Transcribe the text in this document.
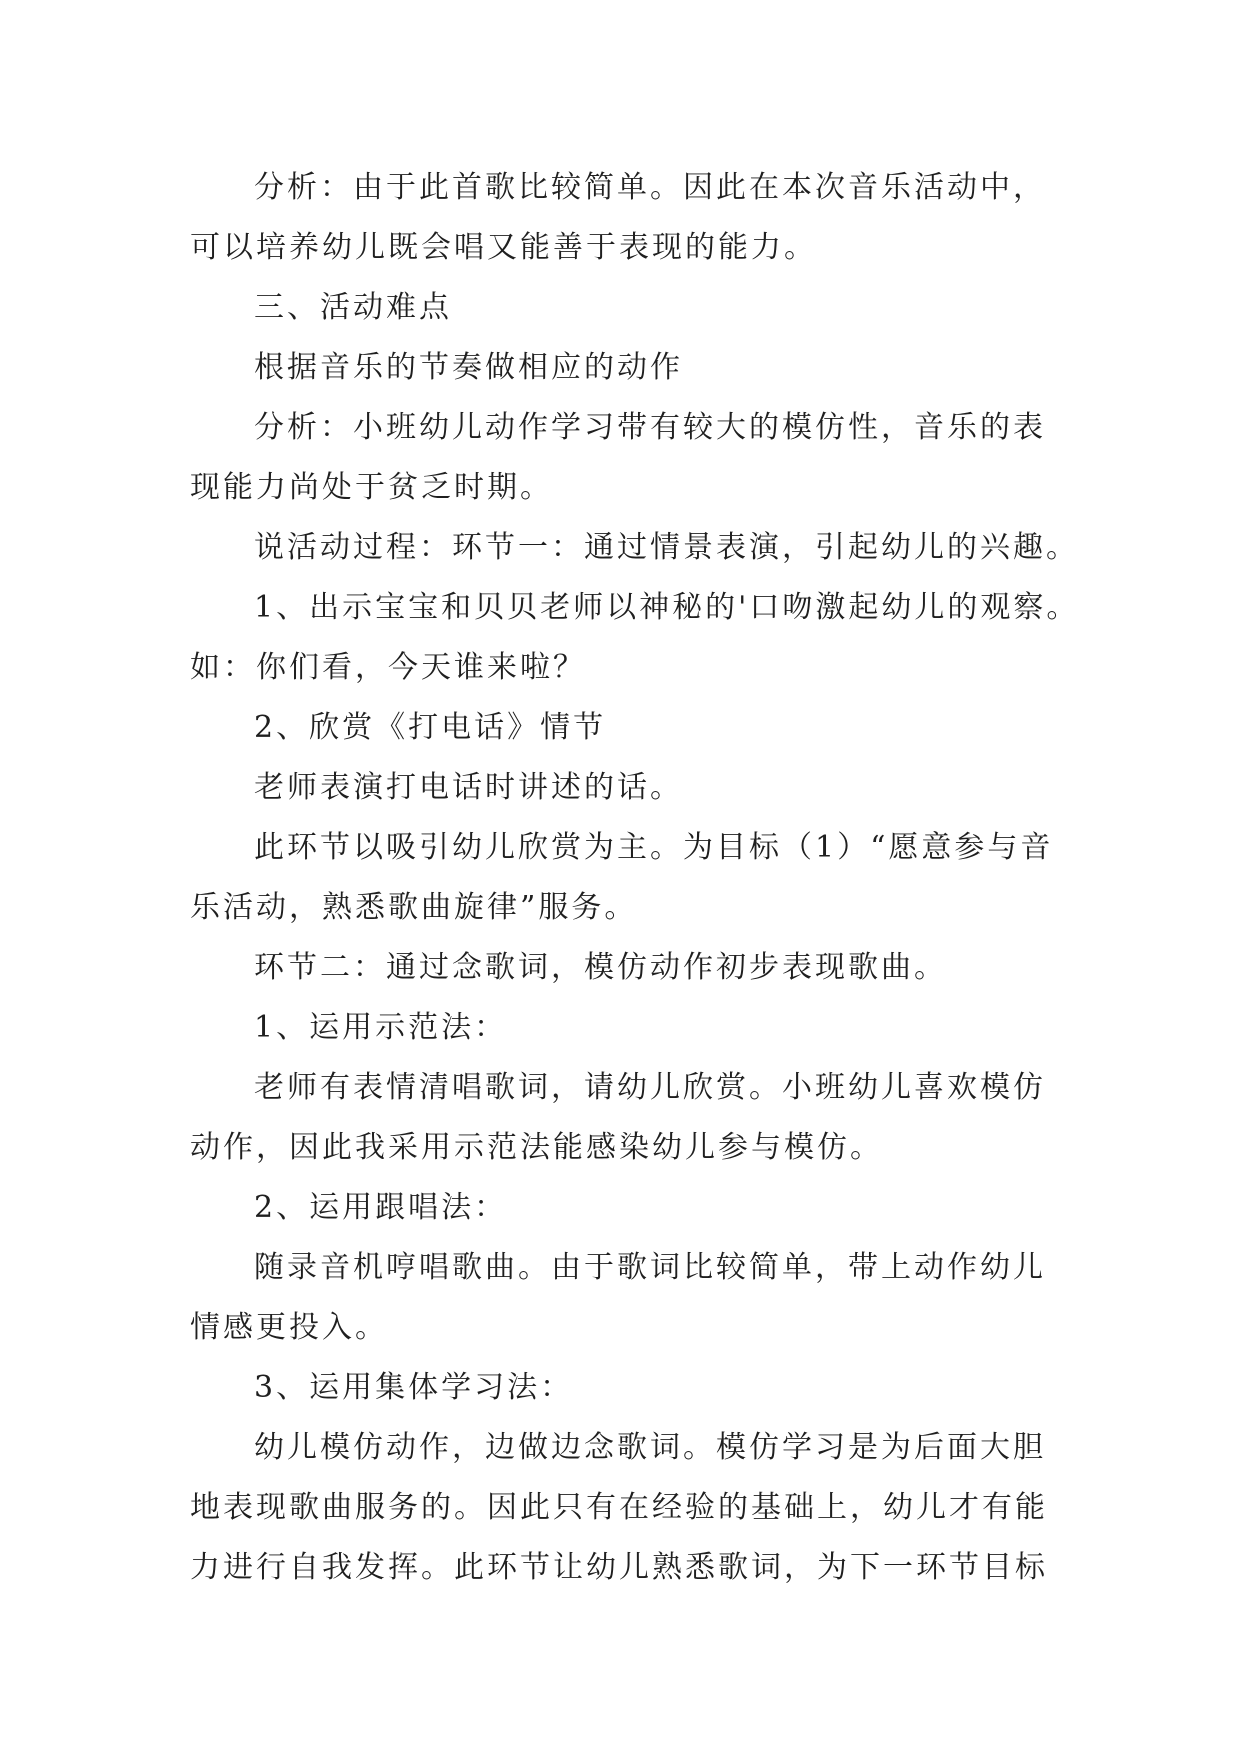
分析：由于此首歌比较简单。因此在本次音乐活动中，
可以培养幼儿既会唱又能善于表现的能力。
三、活动难点
根据音乐的节奏做相应的动作
分析：小班幼儿动作学习带有较大的模仿性，音乐的表
现能力尚处于贫乏时期。
说活动过程：环节一：通过情景表演，引起幼儿的兴趣。
1、出示宝宝和贝贝老师以神秘的'口吻激起幼儿的观察。
如：你们看，今天谁来啦？
2、欣赏《打电话》情节
老师表演打电话时讲述的话。
此环节以吸引幼儿欣赏为主。为目标（1）“愿意参与音
乐活动，熟悉歌曲旋律”服务。
环节二：通过念歌词，模仿动作初步表现歌曲。
1、运用示范法：
老师有表情清唱歌词，请幼儿欣赏。小班幼儿喜欢模仿
动作，因此我采用示范法能感染幼儿参与模仿。
2、运用跟唱法：
随录音机哼唱歌曲。由于歌词比较简单，带上动作幼儿
情感更投入。
3、运用集体学习法：
幼儿模仿动作，边做边念歌词。模仿学习是为后面大胆
地表现歌曲服务的。因此只有在经验的基础上，幼儿才有能
力进行自我发挥。此环节让幼儿熟悉歌词，为下一环节目标
